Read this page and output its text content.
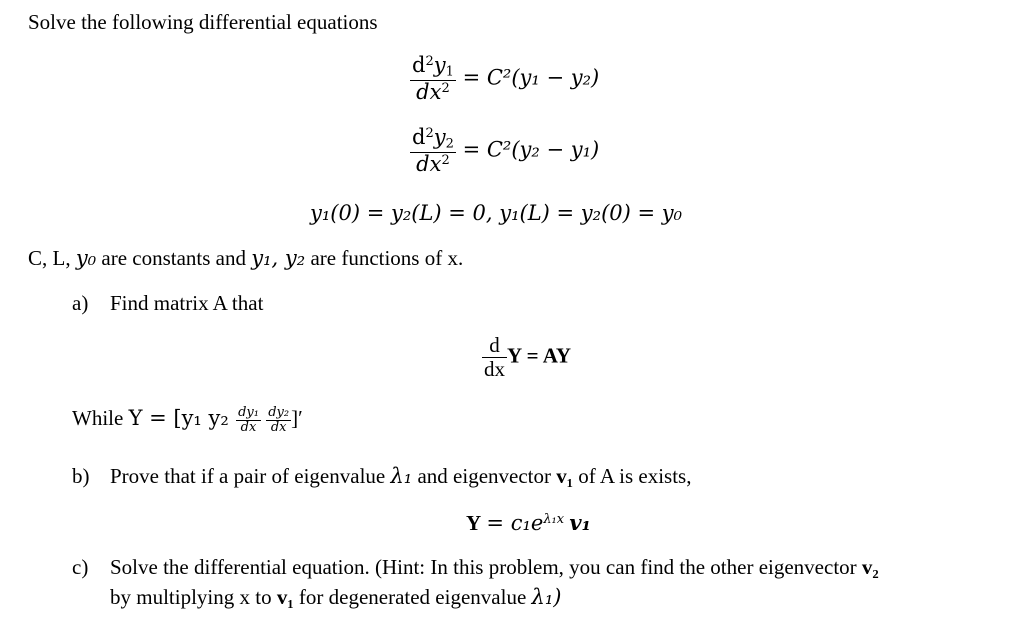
Solve the following differential equations
$\frac{d^2y_1}{dx^2} = C^2(y_1 - y_2)$
$\frac{d^2y_2}{dx^2} = C^2(y_2 - y_1)$
y₁(0) = y₂(L) = 0, y₁(L) = y₂(0) = y₀
C, L, y₀ are constants and y₁, y₂ are functions of x.
a) Find matrix A that
$\frac{d}{dx}$ Y = AY
While Y = [y₁ $y_2 \frac{\text{dy₁}}{dx}$
$\frac{\text{dy₂}}{dx}$ ]′
b) Prove that if a pair of eigenvalue λ₁ and eigenvector v₁ of A is exists,
$Y = c_1e^{\lambda_1x}$ v₁
c) Solve the differential equation. (Hint: In this problem, you can find the other eigenvector v₂
by multiplying x to v₁ for degenerated eigenvalue λ₁)
